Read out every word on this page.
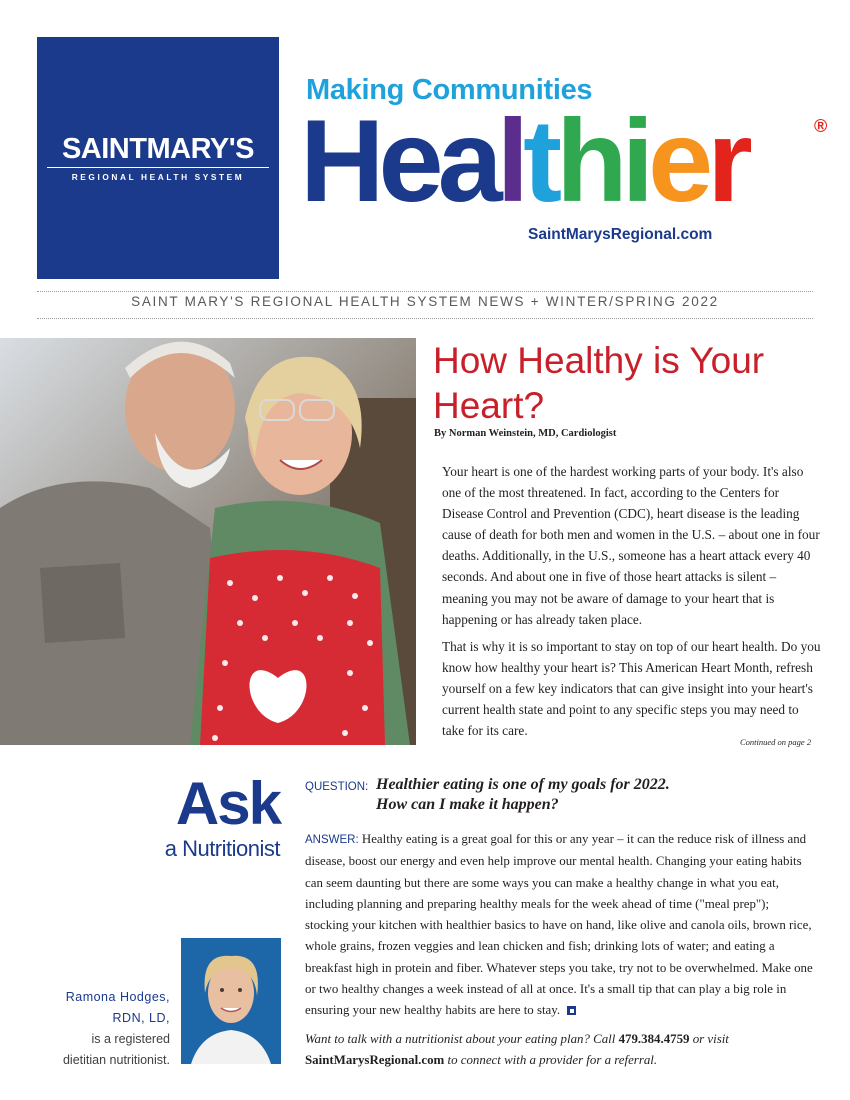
SAINTMARY'S
REGIONAL HEALTH SYSTEM
Making Communities
Healthier	®
SaintMarysRegional.com
SAINT MARY'S REGIONAL HEALTH SYSTEM NEWS + WINTER/SPRING 2022
How Healthy is Your Heart?
By Norman Weinstein, MD, Cardiologist

Your heart is one of the hardest working parts of your body. It's also one of the most threatened. In fact, according to the Centers for Disease Control and Prevention (CDC), heart disease is the leading cause of death for both men and women in the U.S. – about one in four deaths. Additionally, in the U.S., someone has a heart attack every 40 seconds. And about one in five of those heart attacks is silent – meaning you may not be aware of damage to your heart that is happening or has already taken place.

That is why it is so important to stay on top of our heart health. Do you know how healthy your heart is? This American Heart Month, refresh yourself on a few key indicators that can give insight into your heart's current health state and point to any specific steps you may need to take for its care.

Continued on page 2
Ask
a Nutritionist
QUESTION: Healthier eating is one of my goals for 2022.
How can I make it happen?
ANSWER: Healthy eating is a great goal for this or any year – it can the reduce risk of illness and disease, boost our energy and even help improve our mental health. Changing your eating habits can seem daunting but there are some ways you can make a healthy change in what you eat, including planning and preparing healthy meals for the week ahead of time ("meal prep"); stocking your kitchen with healthier basics to have on hand, like olive and canola oils, brown rice, whole grains, frozen veggies and lean chicken and fish; drinking lots of water; and eating a breakfast high in protein and fiber. Whatever steps you take, try not to be overwhelmed. Make one or two healthy changes a week instead of all at once. It's a small tip that can play a big role in ensuring your new healthy habits are here to stay.
Want to talk with a nutritionist about your eating plan? Call 479.384.4759 or visit SaintMarysRegional.com to connect with a provider for a referral.
Ramona Hodges,
RDN, LD,
is a registered
dietitian nutritionist.
